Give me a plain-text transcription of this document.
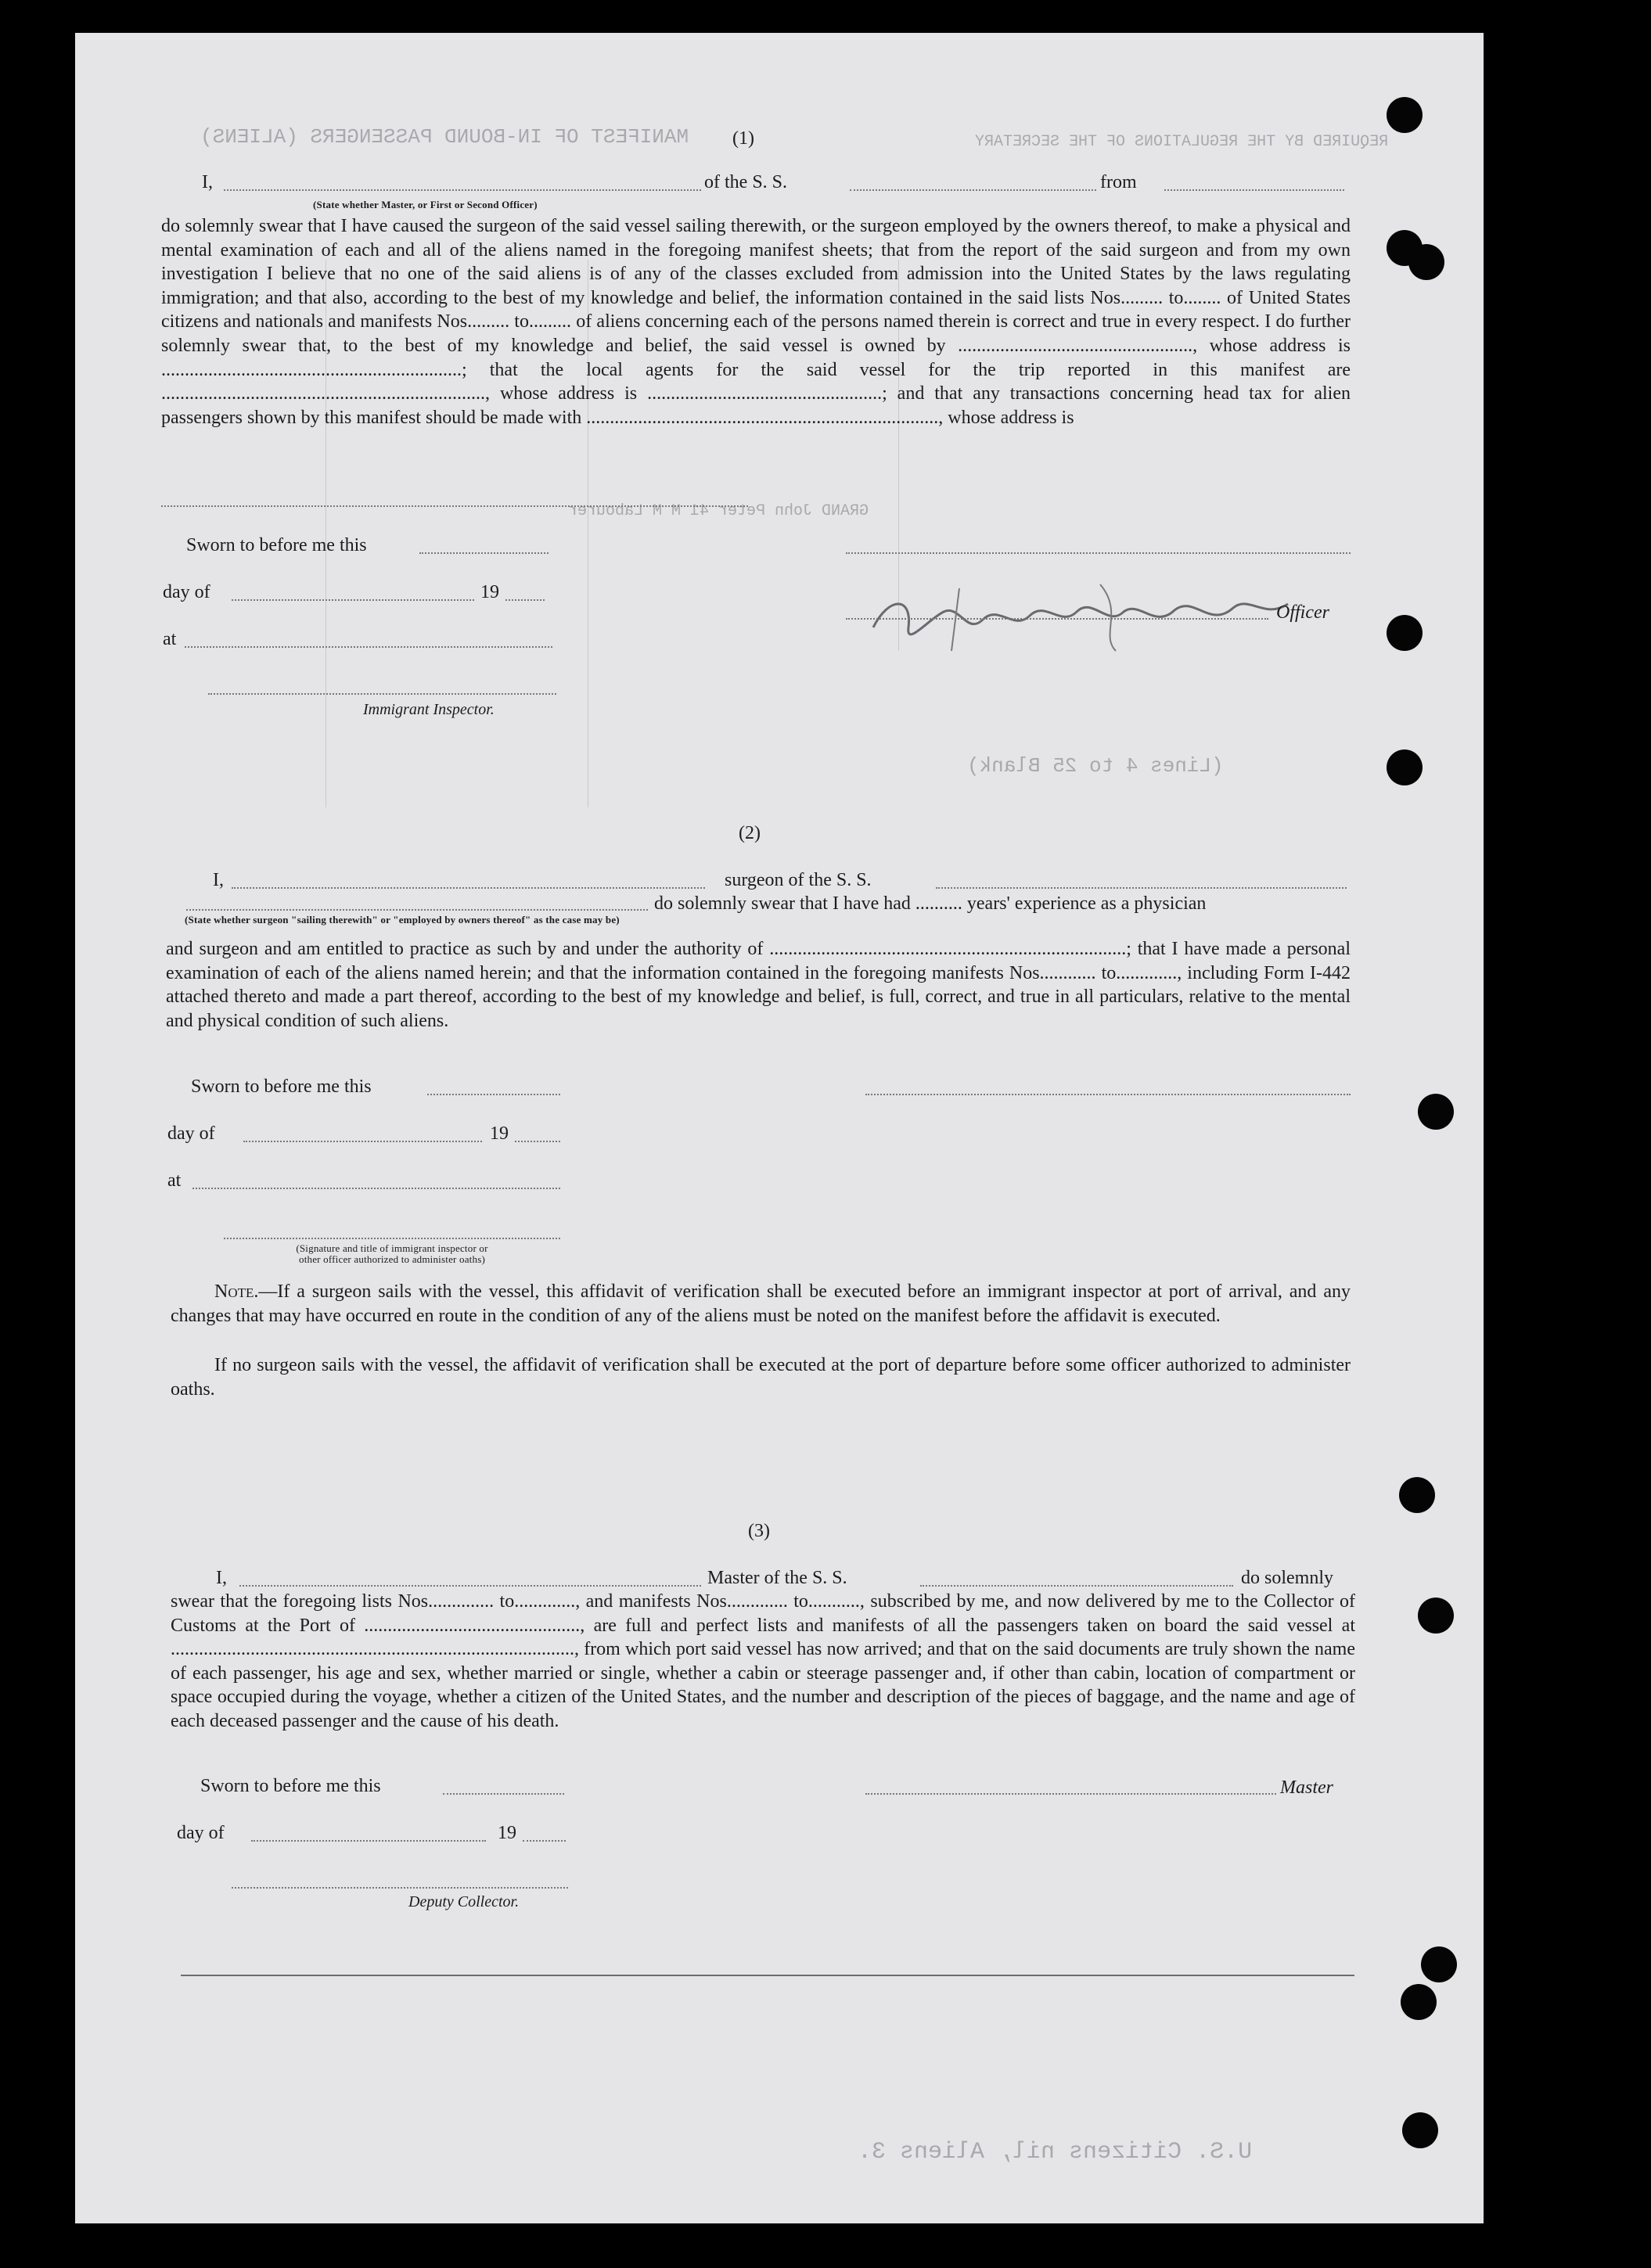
MANIFEST OF IN-BOUND PASSENGERS (ALIENS)	REQUIRED BY THE REGULATIONS OF THE SECRETARY
GRAND John Peter 41 M M Labourer
(Lines 4 to 25 Blank)
U.S. Citizens nil, Aliens 3.
(1)
I,	of the S. S.	from
(State whether Master, or First or Second Officer)
do solemnly swear that I have caused the surgeon of the said vessel sailing therewith, or the surgeon employed by the owners thereof, to make a physical and mental examination of each and all of the aliens named in the foregoing manifest sheets; that from the report of the said surgeon and from my own investigation I believe that no one of the said aliens is of any of the classes excluded from admission into the United States by the laws regulating immigration; and that also, according to the best of my knowledge and belief, the information contained in the said lists Nos......... to........ of United States citizens and nationals and manifests Nos......... to......... of aliens concerning each of the persons named therein is correct and true in every respect. I do further solemnly swear that, to the best of my knowledge and belief, the said vessel is owned by .................................................., whose address is ................................................................; that the local agents for the said vessel for the trip reported in this manifest are ....................................................................., whose address is ..................................................; and that any transactions concerning head tax for alien passengers shown by this manifest should be made with ..........................................................................., whose address is
Sworn to before me this
day of	19
Officer
at
Immigrant Inspector.
(2)
I,	surgeon of the S. S.
do solemnly swear that I have had .......... years' experience as a physician
(State whether surgeon "sailing therewith" or "employed by owners thereof" as the case may be)
and surgeon and am entitled to practice as such by and under the authority of ............................................................................; that I have made a personal examination of each of the aliens named herein; and that the information contained in the foregoing manifests Nos............ to............., including Form I-442 attached thereto and made a part thereof, according to the best of my knowledge and belief, is full, correct, and true in all particulars, relative to the mental and physical condition of such aliens.
Sworn to before me this
day of	19
at
(Signature and title of immigrant inspector or
other officer authorized to administer oaths)
Note.—If a surgeon sails with the vessel, this affidavit of verification shall be executed before an immigrant inspector at port of arrival, and any changes that may have occurred en route in the condition of any of the aliens must be noted on the manifest before the affidavit is executed.
If no surgeon sails with the vessel, the affidavit of verification shall be executed at the port of departure before some officer authorized to administer oaths.
(3)
I,	Master of the S. S.	do solemnly
swear that the foregoing lists Nos.............. to............., and manifests Nos............. to..........., subscribed by me, and now delivered by me to the Collector of Customs at the Port of .............................................., are full and perfect lists and manifests of all the passengers taken on board the said vessel at ......................................................................................, from which port said vessel has now arrived; and that on the said documents are truly shown the name of each passenger, his age and sex, whether married or single, whether a cabin or steerage passenger and, if other than cabin, location of compartment or space occupied during the voyage, whether a citizen of the United States, and the number and description of the pieces of baggage, and the name and age of each deceased passenger and the cause of his death.
Sworn to before me this	Master
day of	19
Deputy Collector.
